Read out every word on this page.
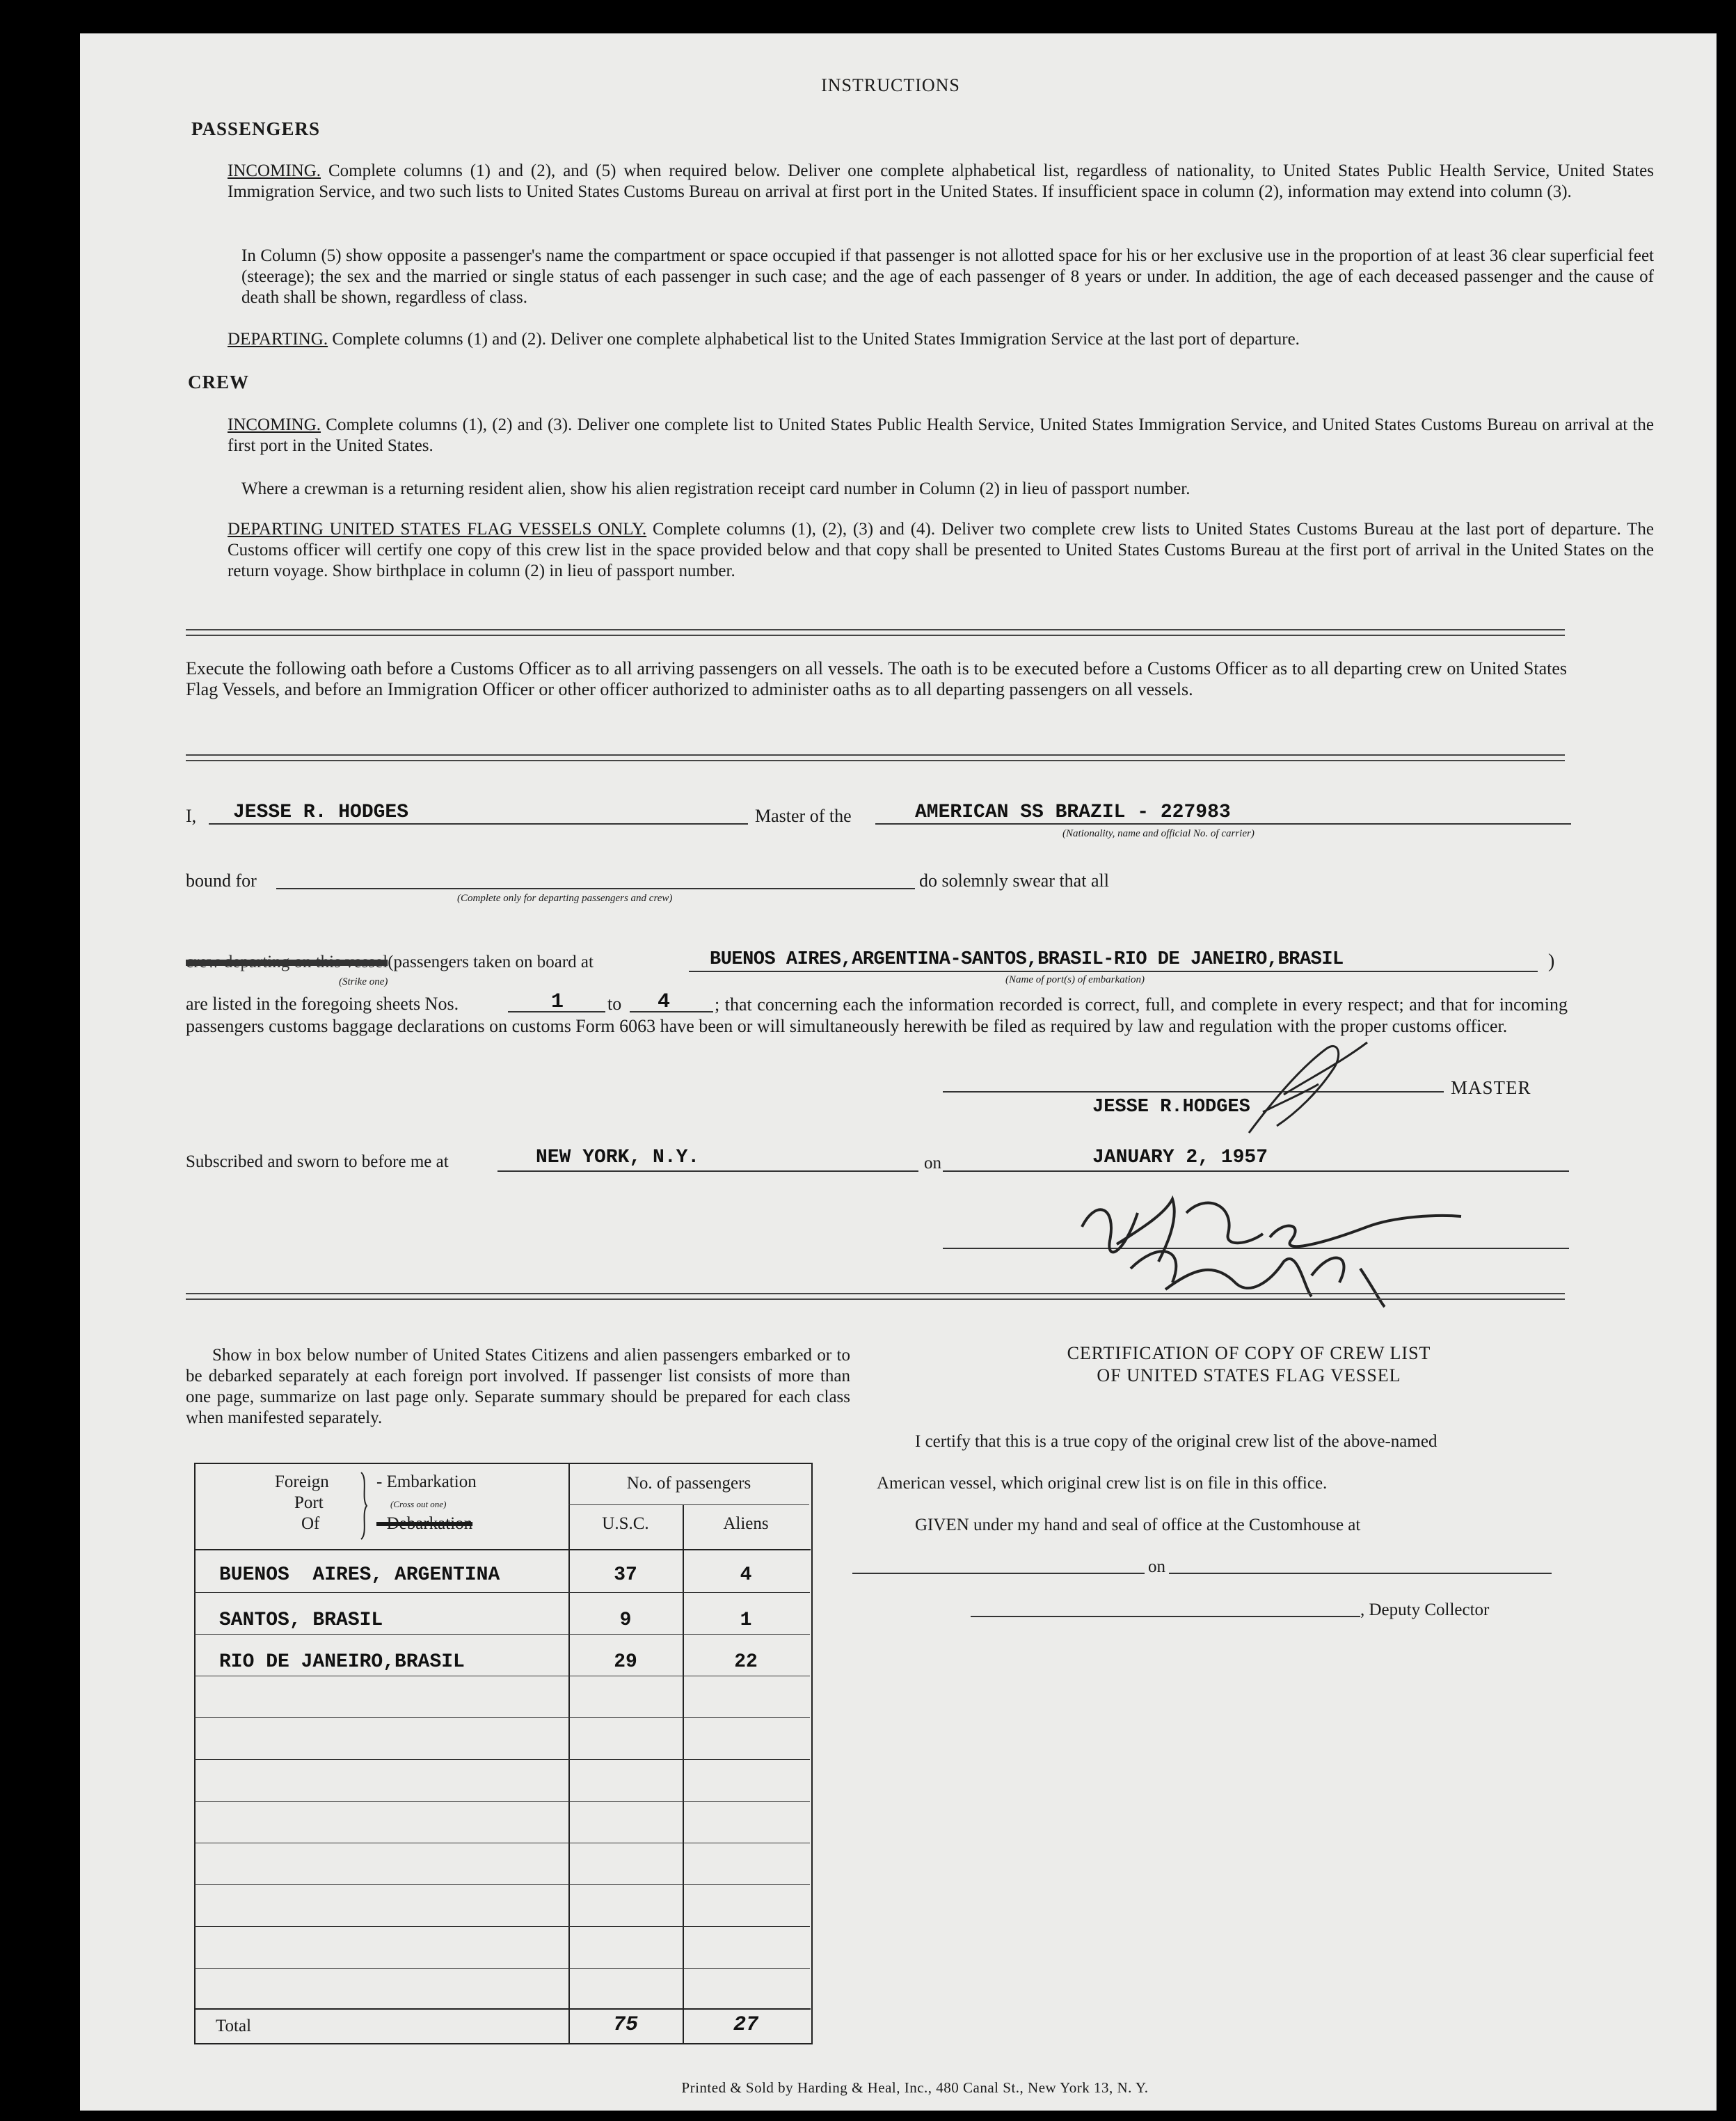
INSTRUCTIONS
PASSENGERS
INCOMING. Complete columns (1) and (2), and (5) when required below. Deliver one complete alphabetical list, regardless of nationality, to United States Public Health Service, United States Immigration Service, and two such lists to United States Customs Bureau on arrival at first port in the United States. If insufficient space in column (2), information may extend into column (3).
In Column (5) show opposite a passenger's name the compartment or space occupied if that passenger is not allotted space for his or her exclusive use in the proportion of at least 36 clear superficial feet (steerage); the sex and the married or single status of each passenger in such case; and the age of each passenger of 8 years or under. In addition, the age of each deceased passenger and the cause of death shall be shown, regardless of class.
DEPARTING. Complete columns (1) and (2). Deliver one complete alphabetical list to the United States Immigration Service at the last port of departure.
CREW
INCOMING. Complete columns (1), (2) and (3). Deliver one complete list to United States Public Health Service, United States Immigration Service, and United States Customs Bureau on arrival at the first port in the United States.
Where a crewman is a returning resident alien, show his alien registration receipt card number in Column (2) in lieu of passport number.
DEPARTING UNITED STATES FLAG VESSELS ONLY. Complete columns (1), (2), (3) and (4). Deliver two complete crew lists to United States Customs Bureau at the last port of departure. The Customs officer will certify one copy of this crew list in the space provided below and that copy shall be presented to United States Customs Bureau at the first port of arrival in the United States on the return voyage. Show birthplace in column (2) in lieu of passport number.
Execute the following oath before a Customs Officer as to all arriving passengers on all vessels. The oath is to be executed before a Customs Officer as to all departing crew on United States Flag Vessels, and before an Immigration Officer or other officer authorized to administer oaths as to all departing passengers on all vessels.
I, JESSE R. HODGES	Master of the	AMERICAN SS BRAZIL - 227983
(Nationality, name and official No. of carrier)
bound for
(Complete only for departing passengers and crew)
do solemnly swear that all
crew departing on this vessel(passengers taken on board at
(Strike one)
BUENOS AIRES,ARGENTINA-SANTOS,BRASIL-RIO DE JANEIRO,BRASIL	)
(Name of port(s) of embarkation)
are listed in the foregoing sheets Nos.	1 to 4	; that concerning each the information recorded is correct, full, and complete in every respect; and that for incoming passengers customs baggage declarations on customs Form 6063 have been or will simultaneously herewith be filed as required by law and regulation with the proper customs officer.
MASTER
JESSE R.HODGES
Subscribed and sworn to before me at	NEW YORK, N.Y.	on	JANUARY 2, 1957
Show in box below number of United States Citizens and alien passengers embarked or to be debarked separately at each foreign port involved. If passenger list consists of more than one page, summarize on last page only. Separate summary should be prepared for each class when manifested separately.
Foreign
Port
Of
- Embarkation
(Cross out one)
- Debarkation
No. of passengers
U.S.C.	Aliens
BUENOS  AIRES, ARGENTINA	37	4
SANTOS, BRASIL	9	1
RIO DE JANEIRO,BRASIL	29	22
Total	75	27
CERTIFICATION OF COPY OF CREW LIST
OF UNITED STATES FLAG VESSEL
I certify that this is a true copy of the original crew list of the above-named
American vessel, which original crew list is on file in this office.
GIVEN under my hand and seal of office at the Customhouse at
on
, Deputy Collector
Printed & Sold by Harding & Heal, Inc., 480 Canal St., New York 13, N. Y.
